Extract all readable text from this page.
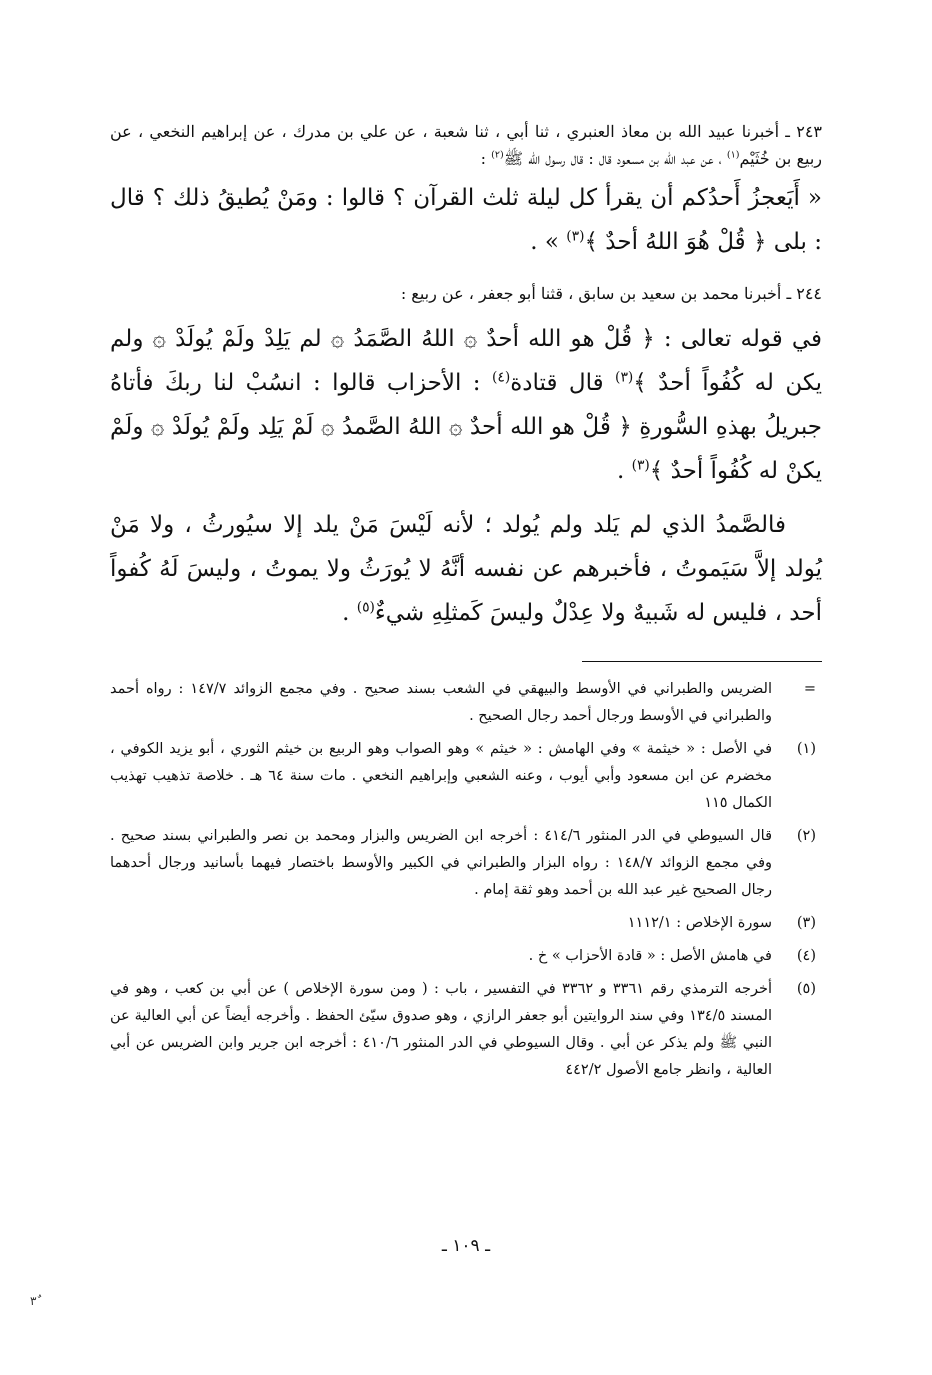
٢٤٣ ـ أخبرنا عبيد الله بن معاذ العنبري ، ثنا أبي ، ثنا شعبة ، عن علي بن مدرك ، عن إبراهيم النخعي ، عن ربيع بن خُثَيْم$^{(١)}$ ، عن عبد الله بن مسعود قال : قال رسول الله ﷺ$^{(٢)}$ :

« أَيَعجزُ أَحدُكم أن يقرأ كل ليلة ثلث القرآن ؟ قالوا : ومَنْ يُطيقُ ذلك ؟ قال : بلى ﴿ قُلْ هُوَ اللهُ أحدٌ ﴾$^{(٣)}$ » .

٢٤٤ ـ أخبرنا محمد بن سعيد بن سابق ، قثنا أبو جعفر ، عن ربيع :

في قوله تعالى : ﴿ قُلْ هو الله أحدٌ ۞ اللهُ الصَّمَدُ ۞ لم يَلِدْ ولَمْ يُولَدْ ۞ ولم يكن له كُفُواً أحدٌ ﴾$^{(٣)}$ قال قتادة$^{(٤)}$ : الأحزاب قالوا : انسُبْ لنا ربكَ فأتاهُ جبريلُ بهذهِ السُّورةِ ﴿ قُلْ هو الله أحدٌ ۞ اللهُ الصَّمدُ ۞ لَمْ يَلِد ولَمْ يُولَدْ ۞ ولَمْ يكنْ له كُفُواً أحدٌ ﴾$^{(٣)}$ .

فالصَّمدُ الذي لم يَلد ولم يُولد ؛ لأنه لَيْسَ مَنْ يلد إلا سيُورثُ ، ولا مَنْ يُولد إلاَّ سَيَموتُ ، فأخبرهم عن نفسه أنَّهُ لا يُورَثُ ولا يموتُ ، وليسَ لَهُ كُفواً أحد ، فليس له شَبيهٌ ولا عِدْلٌ وليسَ كَمثلِهِ شيءٌ$^{(٥)}$ .

=
الضريس والطبراني في الأوسط والبيهقي في الشعب بسند صحيح . وفي مجمع الزوائد ١٤٧/٧ : رواه أحمد والطبراني في الأوسط ورجال أحمد رجال الصحيح .
(١)
في الأصل : « خيثمة » وفي الهامش : « خيثم » وهو الصواب وهو الربيع بن خيثم الثوري ، أبو يزيد الكوفي ، مخضرم عن ابن مسعود وأبي أيوب ، وعنه الشعبي وإبراهيم النخعي . مات سنة ٦٤ هـ . خلاصة تذهيب تهذيب الكمال ١١٥
(٢)
قال السيوطي في الدر المنثور ٤١٤/٦ : أخرجه ابن الضريس والبزار ومحمد بن نصر والطبراني بسند صحيح . وفي مجمع الزوائد ١٤٨/٧ : رواه البزار والطبراني في الكبير والأوسط باختصار فيهما بأسانيد ورجال أحدهما رجال الصحيح غير عبد الله بن أحمد وهو ثقة إمام .
(٣)
سورة الإخلاص : ١١١٢/١
(٤)
في هامش الأصل : « قادة الأحزاب » خ .
(٥)
أخرجه الترمذي رقم ٣٣٦١ و ٣٣٦٢ في التفسير ، باب : ( ومن سورة الإخلاص ) عن أبي بن كعب ، وهو في المسند ١٣٤/٥ وفي سند الروايتين أبو جعفر الرازي ، وهو صدوق سيّئ الحفظ . وأخرجه أيضاً عن أبي العالية عن النبي ﷺ ولم يذكر عن أبي . وقال السيوطي في الدر المنثور ٤١٠/٦ : أخرجه ابن جرير وابن الضريس عن أبي العالية ، وانظر جامع الأصول ٤٤٢/٢
ـ ١٠٩ ـ
٣ٌ
